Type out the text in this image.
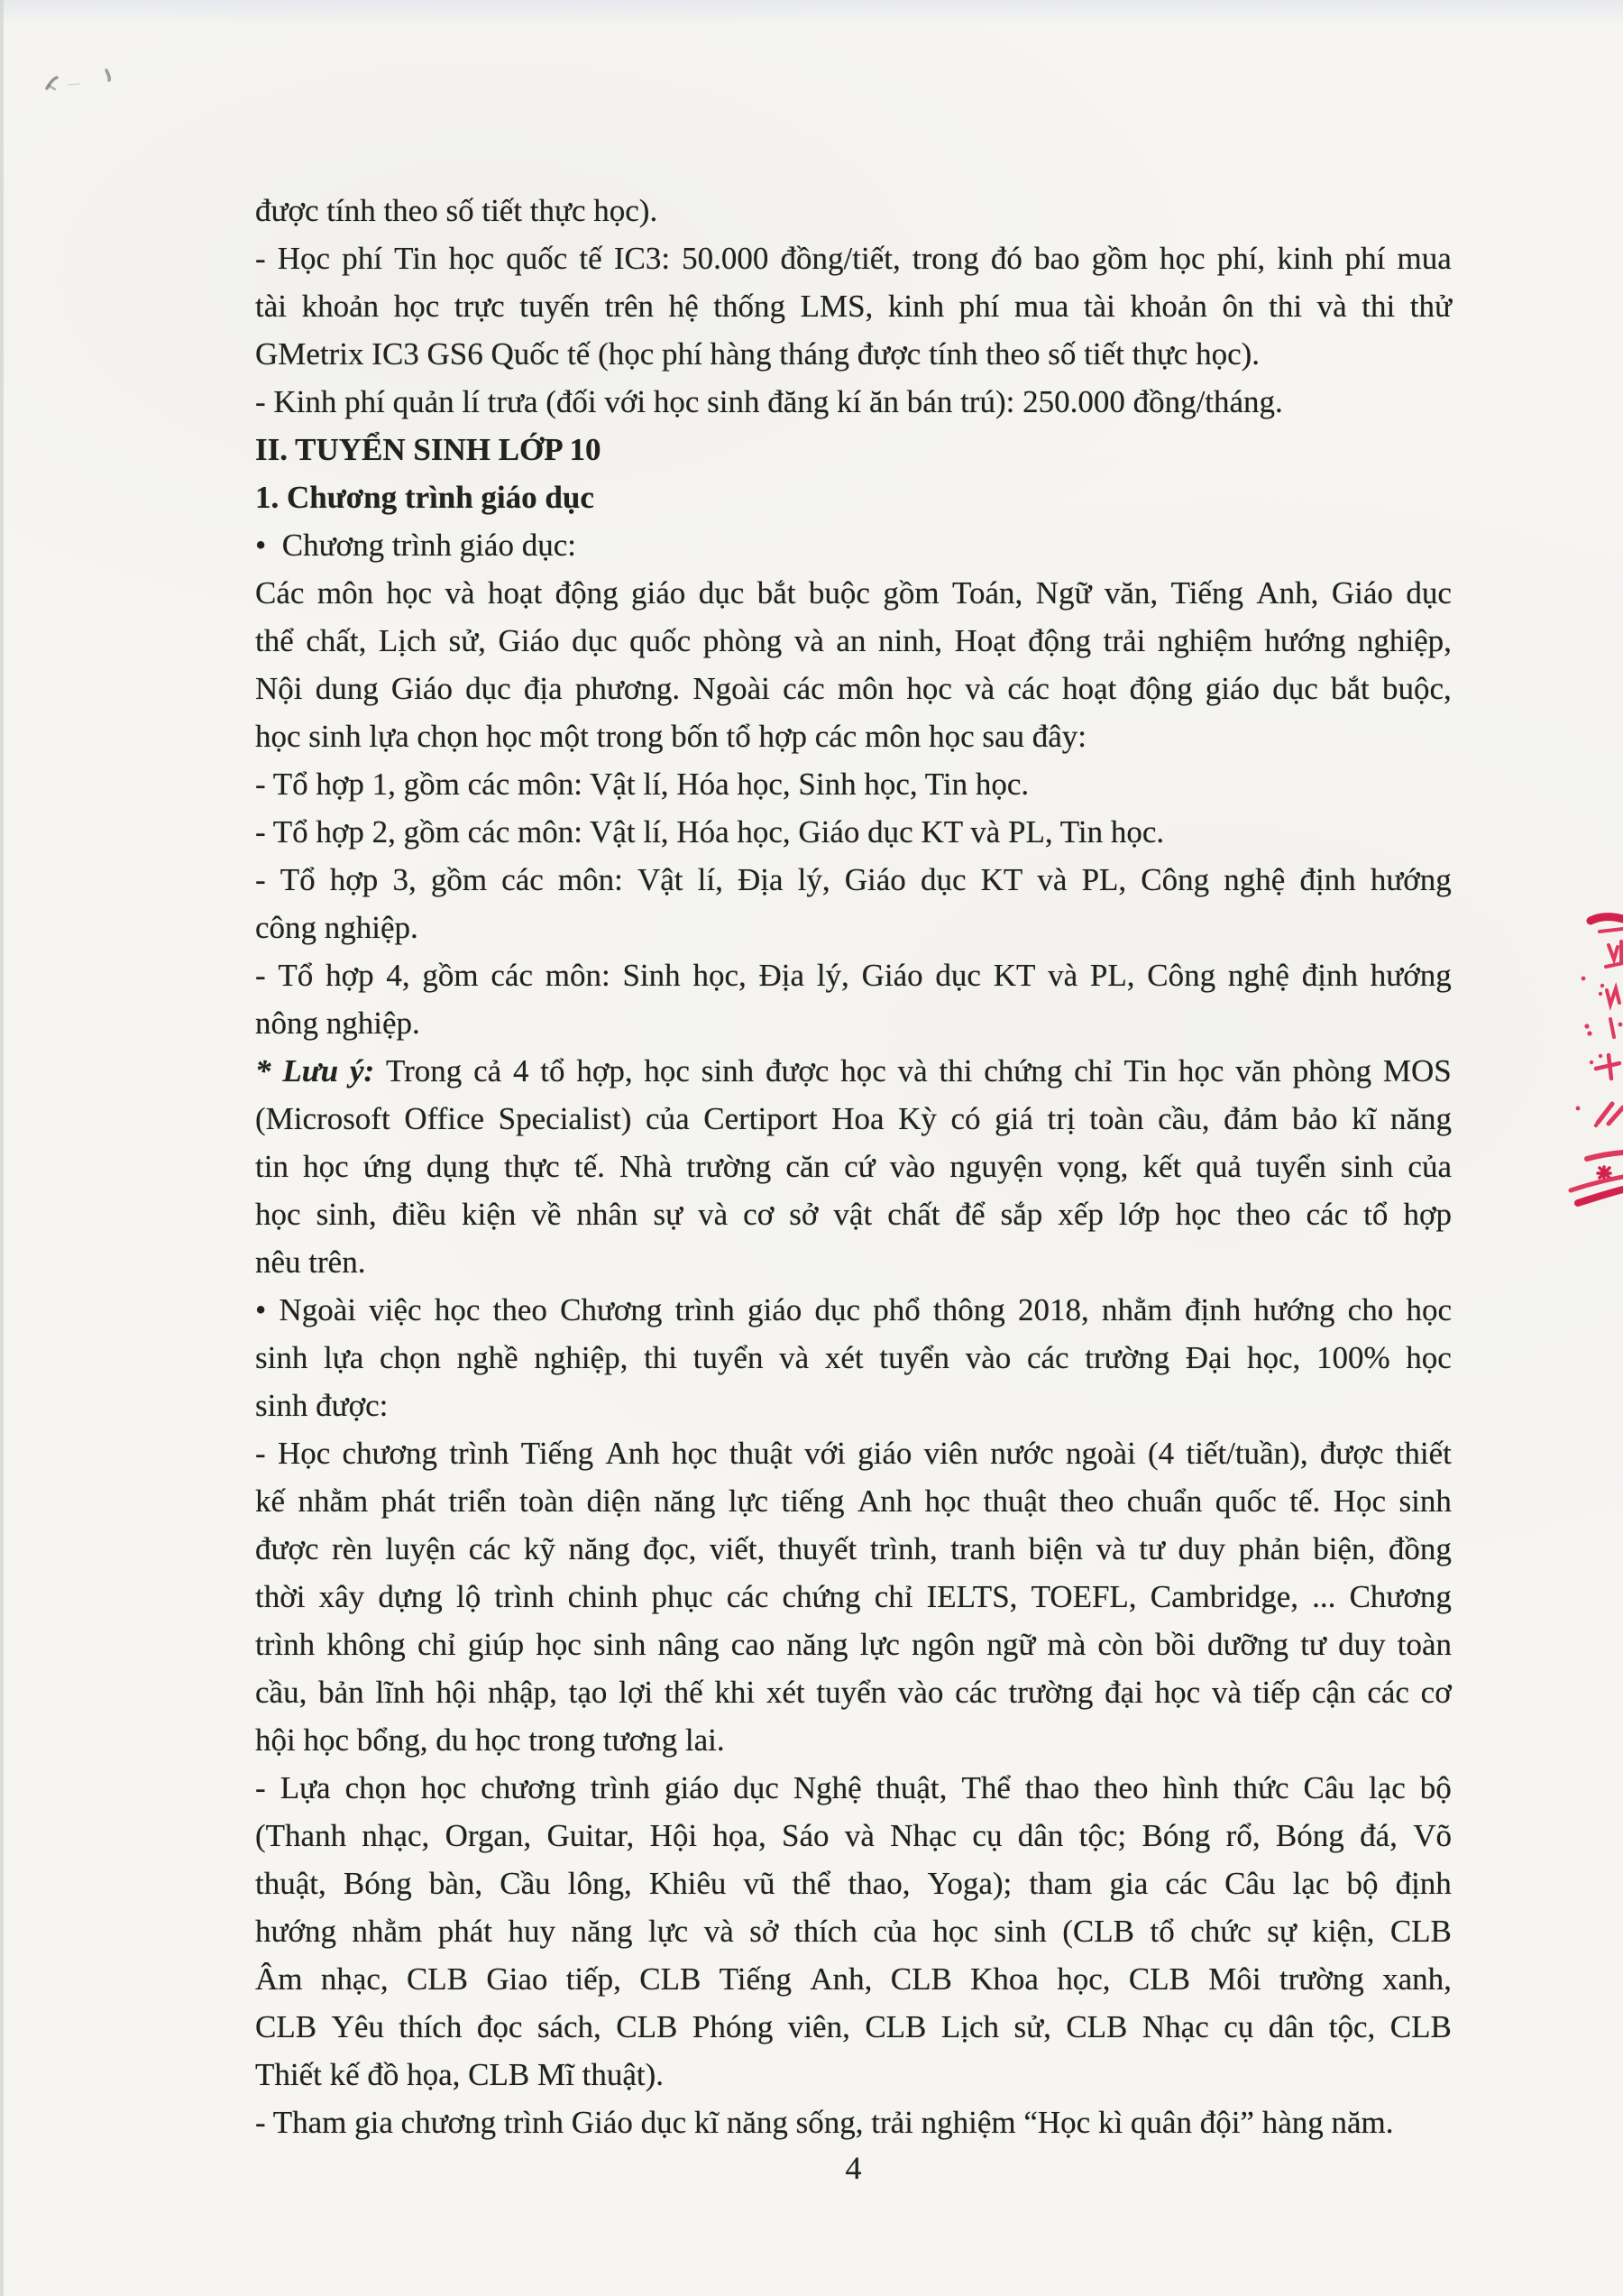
được tính theo số tiết thực học).
- Học phí Tin học quốc tế IC3: 50.000 đồng/tiết, trong đó bao gồm học phí, kinh phí mua
tài khoản học trực tuyến trên hệ thống LMS, kinh phí mua tài khoản ôn thi và thi thử
GMetrix IC3 GS6 Quốc tế (học phí hàng tháng được tính theo số tiết thực học).
- Kinh phí quản lí trưa (đối với học sinh đăng kí ăn bán trú): 250.000 đồng/tháng.
II. TUYỂN SINH LỚP 10
1. Chương trình giáo dục
•  Chương trình giáo dục:
Các môn học và hoạt động giáo dục bắt buộc gồm Toán, Ngữ văn, Tiếng Anh, Giáo dục
thể chất, Lịch sử, Giáo dục quốc phòng và an ninh, Hoạt động trải nghiệm hướng nghiệp,
Nội dung Giáo dục địa phương. Ngoài các môn học và các hoạt động giáo dục bắt buộc,
học sinh lựa chọn học một trong bốn tổ hợp các môn học sau đây:
- Tổ hợp 1, gồm các môn: Vật lí, Hóa học, Sinh học, Tin học.
- Tổ hợp 2, gồm các môn: Vật lí, Hóa học, Giáo dục KT và PL, Tin học.
- Tổ hợp 3, gồm các môn: Vật lí, Địa lý, Giáo dục KT và PL, Công nghệ định hướng
công nghiệp.
- Tổ hợp 4, gồm các môn: Sinh học, Địa lý, Giáo dục KT và PL, Công nghệ định hướng
nông nghiệp.
* Lưu ý: Trong cả 4 tổ hợp, học sinh được học và thi chứng chỉ Tin học văn phòng MOS
(Microsoft Office Specialist) của Certiport Hoa Kỳ có giá trị toàn cầu, đảm bảo kĩ năng
tin học ứng dụng thực tế. Nhà trường căn cứ vào nguyện vọng, kết quả tuyển sinh của
học sinh, điều kiện về nhân sự và cơ sở vật chất để sắp xếp lớp học theo các tổ hợp
nêu trên.
• Ngoài việc học theo Chương trình giáo dục phổ thông 2018, nhằm định hướng cho học
sinh lựa chọn nghề nghiệp, thi tuyển và xét tuyển vào các trường Đại học, 100% học
sinh được:
- Học chương trình Tiếng Anh học thuật với giáo viên nước ngoài (4 tiết/tuần), được thiết
kế nhằm phát triển toàn diện năng lực tiếng Anh học thuật theo chuẩn quốc tế. Học sinh
được rèn luyện các kỹ năng đọc, viết, thuyết trình, tranh biện và tư duy phản biện, đồng
thời xây dựng lộ trình chinh phục các chứng chỉ IELTS, TOEFL, Cambridge, ... Chương
trình không chỉ giúp học sinh nâng cao năng lực ngôn ngữ mà còn bồi dưỡng tư duy toàn
cầu, bản lĩnh hội nhập, tạo lợi thế khi xét tuyển vào các trường đại học và tiếp cận các cơ
hội học bổng, du học trong tương lai.
- Lựa chọn học chương trình giáo dục Nghệ thuật, Thể thao theo hình thức Câu lạc bộ
(Thanh nhạc, Organ, Guitar, Hội họa, Sáo và Nhạc cụ dân tộc; Bóng rổ, Bóng đá, Võ
thuật, Bóng bàn, Cầu lông, Khiêu vũ thể thao, Yoga); tham gia các Câu lạc bộ định
hướng nhằm phát huy năng lực và sở thích của học sinh (CLB tổ chức sự kiện, CLB
Âm nhạc, CLB Giao tiếp, CLB Tiếng Anh, CLB Khoa học, CLB Môi trường xanh,
CLB Yêu thích đọc sách, CLB Phóng viên, CLB Lịch sử, CLB Nhạc cụ dân tộc, CLB
Thiết kế đồ họa, CLB Mĩ thuật).
- Tham gia chương trình Giáo dục kĩ năng sống, trải nghiệm “Học kì quân đội” hàng năm.
4
